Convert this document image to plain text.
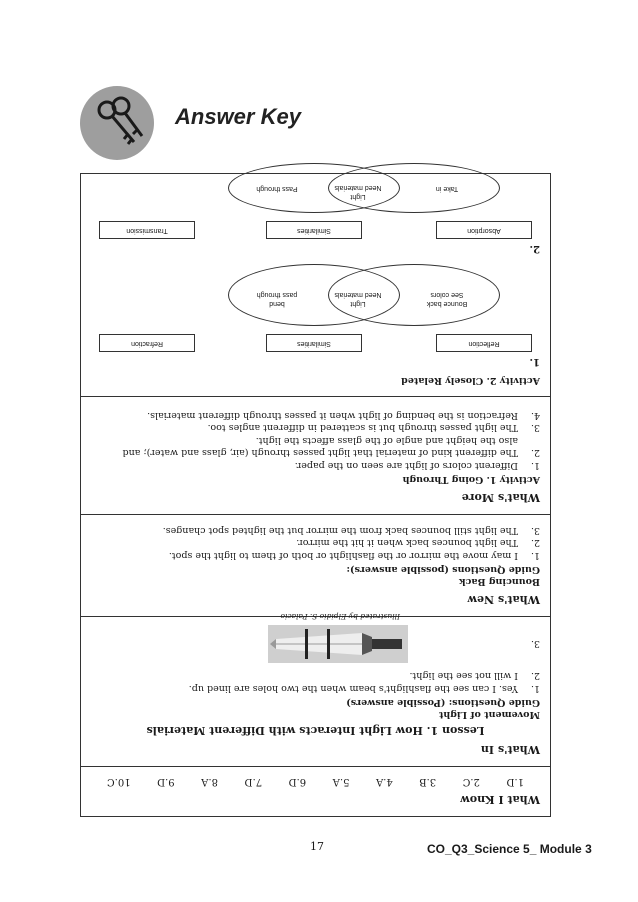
Answer Key
What I Know
1.D
2.C
3.B
4.A
5.A
6.D
7.D
8.A
9.D
10.C
What's In
Lesson 1. How Light Interacts with Different Materials
Movement of Light
Guide Questions: (Possible answers)
1.
Yes. I can see the flashlight's beam when the two holes are lined up.
2.
I will not see the light.
3.
Illustrated by Elpidio S. Palacio
What's New
Bouncing Back
Guide Questions (possible answers):
1.
I may move the mirror or the flashlight or both of them to light the spot.
2.
The light bounces back when it hit the mirror.
3.
The light still bounces back from the mirror but the lighted spot changes.
What's More
Activity 1. Going Through
1.
Different colors of light are seen on the paper.
2.
The different kind of material that light passes through (air, glass and water); and
also the height and angle of the glass affects the light.
3.
The light passes through but is scattered in different angles too.
4.
Refraction is the bending of light when it passes through different materials.
Activity 2. Closely Related
1.
Reflection
Similarities
Refraction
Bounce back
See colors
Light
Need materials
bend
pass through
2.
Absorption
Similarities
Transmission
Take in
Light
Need materials
Pass through
17	CO_Q3_Science 5_ Module 3
